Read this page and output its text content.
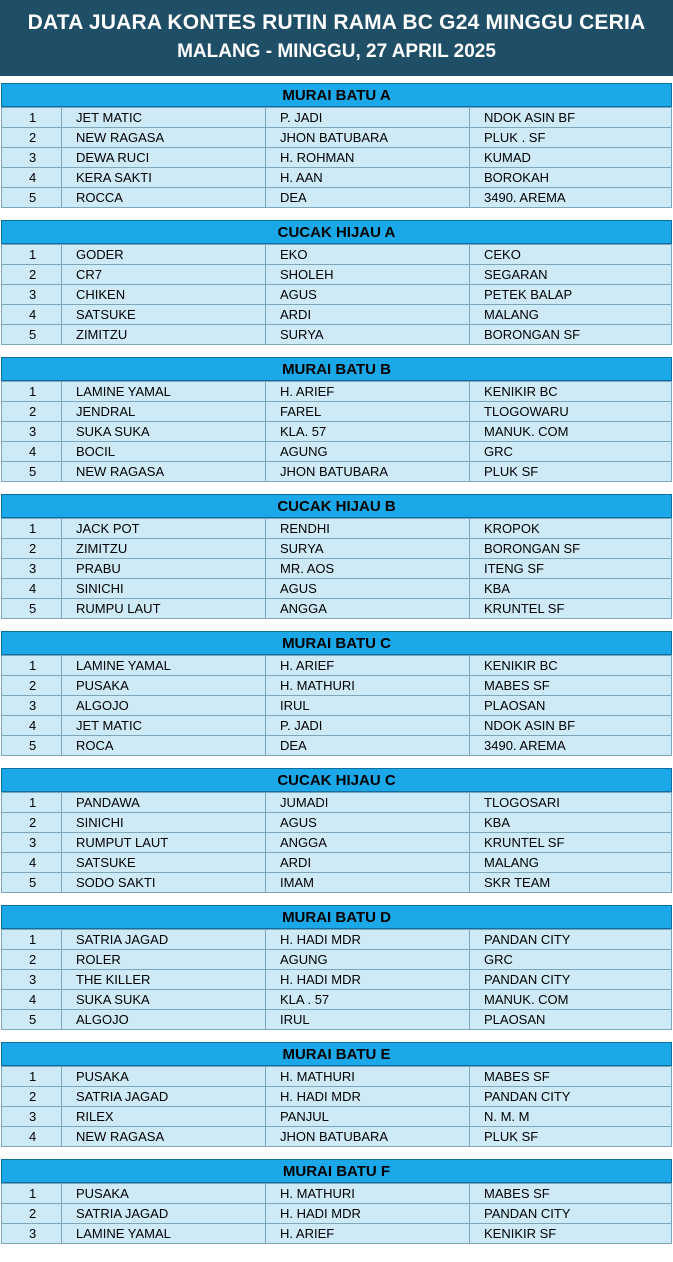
DATA JUARA KONTES RUTIN RAMA BC G24 MINGGU CERIA
MALANG - MINGGU, 27 APRIL 2025
MURAI BATU A
1	JET MATIC	P. JADI	NDOK ASIN BF
2	NEW RAGASA	JHON BATUBARA	PLUK . SF
3	DEWA RUCI	H. ROHMAN	KUMAD
4	KERA SAKTI	H. AAN	BOROKAH
5	ROCCA	DEA	3490. AREMA
CUCAK HIJAU A
1	GODER	EKO	CEKO
2	CR7	SHOLEH	SEGARAN
3	CHIKEN	AGUS	PETEK BALAP
4	SATSUKE	ARDI	MALANG
5	ZIMITZU	SURYA	BORONGAN SF
MURAI BATU B
1	LAMINE YAMAL	H. ARIEF	KENIKIR BC
2	JENDRAL	FAREL	TLOGOWARU
3	SUKA SUKA	KLA. 57	MANUK. COM
4	BOCIL	AGUNG	GRC
5	NEW RAGASA	JHON BATUBARA	PLUK SF
CUCAK HIJAU B
1	JACK POT	RENDHI	KROPOK
2	ZIMITZU	SURYA	BORONGAN SF
3	PRABU	MR. AOS	ITENG SF
4	SINICHI	AGUS	KBA
5	RUMPU LAUT	ANGGA	KRUNTEL SF
MURAI BATU C
1	LAMINE YAMAL	H. ARIEF	KENIKIR BC
2	PUSAKA	H. MATHURI	MABES SF
3	ALGOJO	IRUL	PLAOSAN
4	JET MATIC	P. JADI	NDOK ASIN BF
5	ROCA	DEA	3490. AREMA
CUCAK HIJAU C
1	PANDAWA	JUMADI	TLOGOSARI
2	SINICHI	AGUS	KBA
3	RUMPUT LAUT	ANGGA	KRUNTEL SF
4	SATSUKE	ARDI	MALANG
5	SODO SAKTI	IMAM	SKR TEAM
MURAI BATU D
1	SATRIA JAGAD	H. HADI MDR	PANDAN CITY
2	ROLER	AGUNG	GRC
3	THE KILLER	H. HADI MDR	PANDAN CITY
4	SUKA SUKA	KLA . 57	MANUK. COM
5	ALGOJO	IRUL	PLAOSAN
MURAI BATU E
1	PUSAKA	H. MATHURI	MABES SF
2	SATRIA JAGAD	H. HADI MDR	PANDAN CITY
3	RILEX	PANJUL	N. M. M
4	NEW RAGASA	JHON BATUBARA	PLUK SF
MURAI BATU F
1	PUSAKA	H. MATHURI	MABES SF
2	SATRIA JAGAD	H. HADI MDR	PANDAN CITY
3	LAMINE YAMAL	H. ARIEF	KENIKIR SF
